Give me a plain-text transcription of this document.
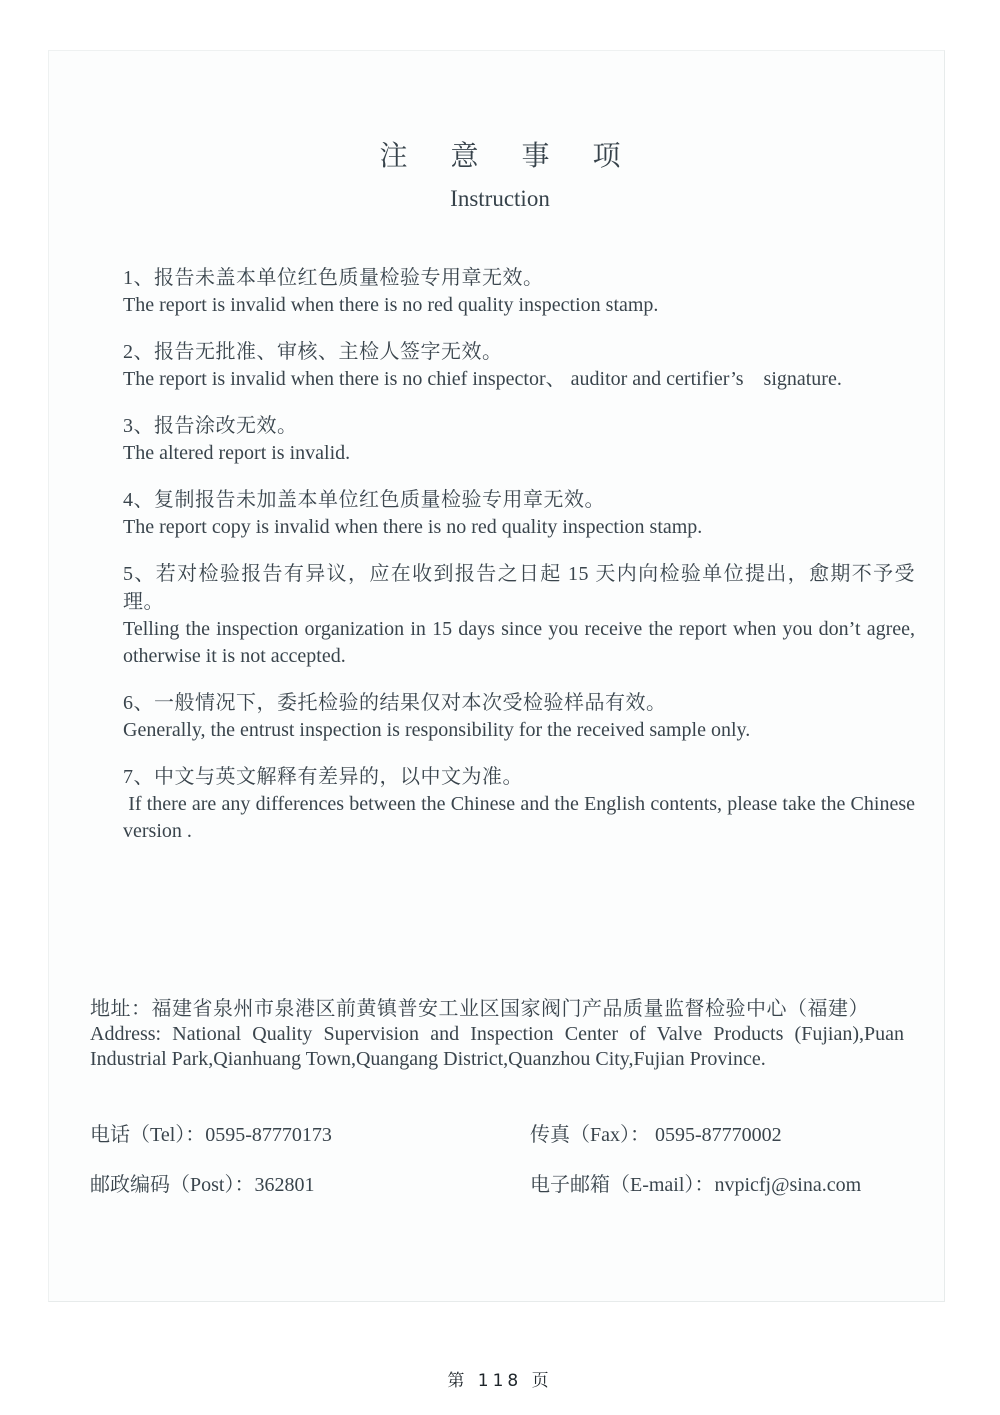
注 意 事 项
Instruction

1、报告未盖本单位红色质量检验专用章无效。

The report is invalid when there is no red quality inspection stamp.

2、报告无批准、审核、主检人签字无效。

The report is invalid when there is no chief inspector、 auditor and certifier’s    signature.

3、报告涂改无效。

The altered report is invalid.

4、复制报告未加盖本单位红色质量检验专用章无效。

The report copy is invalid when there is no red quality inspection stamp.

5、若对检验报告有异议，应在收到报告之日起 15 天内向检验单位提出，愈期不予受理。

Telling the inspection organization in 15 days since you receive the report when you don’t agree, otherwise it is not accepted.

6、一般情况下，委托检验的结果仅对本次受检验样品有效。

Generally, the entrust inspection is responsibility for the received sample only.

7、中文与英文解释有差异的，以中文为准。

If there are any differences between the Chinese and the English contents, please take the Chinese version .

地址：福建省泉州市泉港区前黄镇普安工业区国家阀门产品质量监督检验中心（福建）

Address: National Quality Supervision and Inspection Center of Valve Products (Fujian),Puan Industrial Park,Qianhuang Town,Quangang District,Quanzhou City,Fujian Province.

电话（Tel）：0595-87770173	传真（Fax）： 0595-87770002

邮政编码（Post）：362801	电子邮箱（E-mail）：nvpicfj@sina.com

第 118 页
